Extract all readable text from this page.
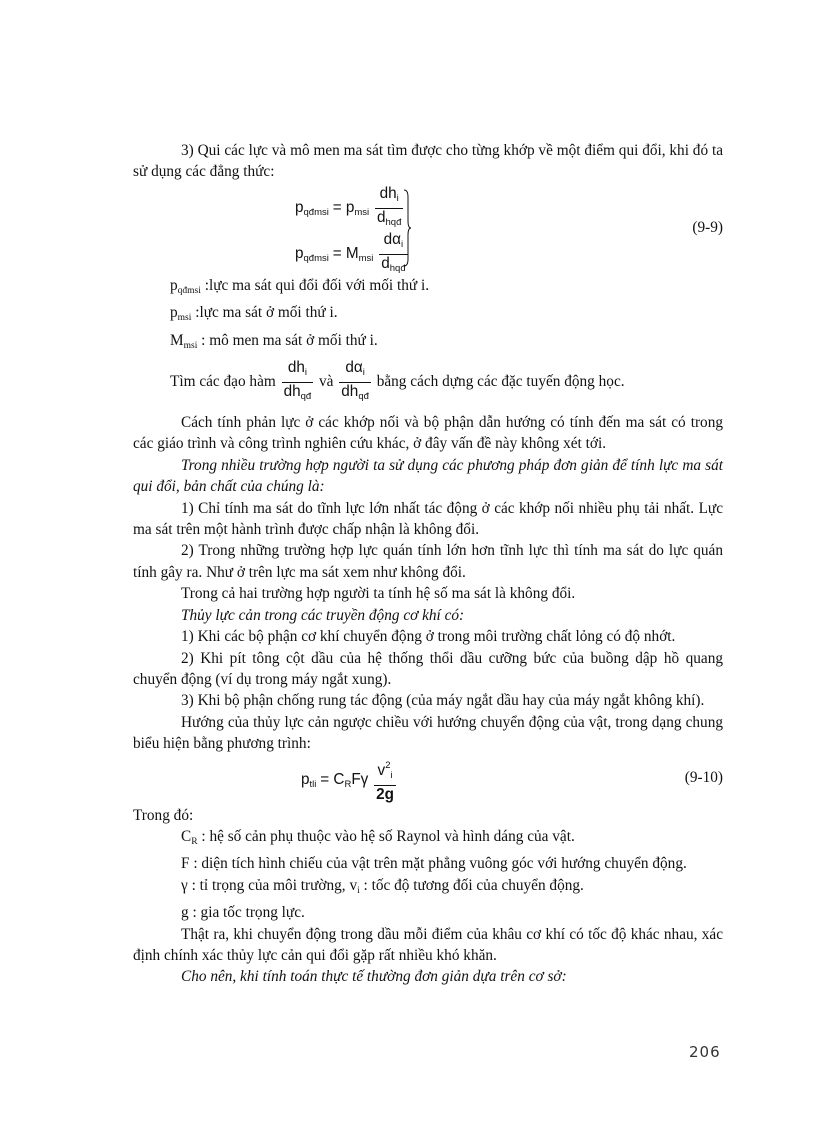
3) Qui các lực và mô men ma sát tìm được cho từng khớp về một điểm qui đổi, khi đó ta sử dụng các đẳng thức:

$p_{qđmsi} = p_{msi} \frac{dh_i}{d_{hqđ}}$
$p_{qđmsi} = M_{msi} \frac{d\alpha_i}{d_{hqđ}}$
(9-9)

$p_{qđmsi}$ :lực ma sát qui đổi đối với mối thứ i.

$p_{msi}$ :lực ma sát ở mối thứ i.

$M_{msi}$ : mô men ma sát ở mối thứ i.

Tìm các đạo hàm $\frac{dh_i}{dh_{qđ}}$ và $\frac{d\alpha_i}{dh_{qđ}}$ bằng cách dựng các đặc tuyến động học.

Cách tính phản lực ở các khớp nối và bộ phận dẫn hướng có tính đến ma sát có trong các giáo trình và công trình nghiên cứu khác, ở đây vấn đề này không xét tới.

Trong nhiều trường hợp người ta sử dụng các phương pháp đơn giản để tính lực ma sát qui đổi, bản chất của chúng là:

1) Chỉ tính ma sát do tĩnh lực lớn nhất tác động ở các khớp nối nhiều phụ tải nhất. Lực ma sát trên một hành trình được chấp nhận là không đổi.

2) Trong những trường hợp lực quán tính lớn hơn tĩnh lực thì tính ma sát do lực quán tính gây ra. Như ở trên lực ma sát xem như không đổi.

Trong cả hai trường hợp người ta tính hệ số ma sát là không đổi.

Thủy lực cản trong các truyền động cơ khí có:

1) Khi các bộ phận cơ khí chuyển động ở trong môi trường chất lỏng có độ nhớt.

2) Khi pít tông cột dầu của hệ thống thổi dầu cưỡng bức của buồng dập hồ quang chuyển động (ví dụ trong máy ngắt xung).

3) Khi bộ phận chống rung tác động (của máy ngắt dầu hay của máy ngắt không khí).

Hướng của thủy lực cản ngược chiều với hướng chuyển động của vật, trong dạng chung biểu hiện bằng phương trình:

$p_{tli} = C_RF\gamma \frac{v^2_i}{2g}$	(9-10)

Trong đó:

$C_R$ : hệ số cản phụ thuộc vào hệ số Raynol và hình dáng của vật.

F : diện tích hình chiếu của vật trên mặt phẳng vuông góc với hướng chuyển động.

γ : tỉ trọng của môi trường, $v_i$ : tốc độ tương đối của chuyển động.

g : gia tốc trọng lực.

Thật ra, khi chuyển động trong dầu mỗi điểm của khâu cơ khí có tốc độ khác nhau, xác định chính xác thủy lực cản qui đổi gặp rất nhiều khó khăn.

Cho nên, khi tính toán thực tế thường đơn giản dựa trên cơ sở:

206
